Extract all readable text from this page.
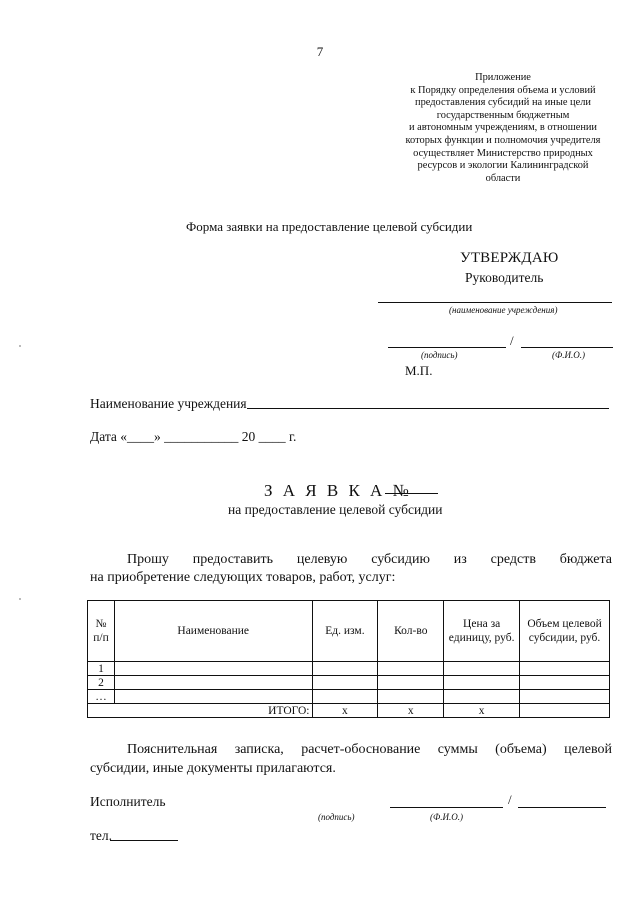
7
Приложение
к Порядку определения объема и условий
предоставления субсидий на иные цели
государственным бюджетным
и автономным учреждениям, в отношении
которых функции и полномочия учредителя
осуществляет Министерство природных
ресурсов и экологии Калининградской
области
Форма заявки на предоставление целевой субсидии
УТВЕРЖДАЮ
Руководитель
(наименование учреждения)
/
(подпись)	(Ф.И.О.)
М.П.
Наименование учреждения
Дата «____» ___________ 20 ____ г.
З А Я В К А №
на предоставление целевой субсидии
Прошу предоставить целевую субсидию из средств бюджета
на приобретение следующих товаров, работ, услуг:
№ п/п	Наименование	Ед. изм.	Кол-во	Цена за единицу, руб.	Объем целевой субсидии, руб.
1					
2					
…					
ИТОГО:		x	x	x	
Пояснительная записка, расчет-обоснование суммы (объема) целевой
субсидии, иные документы прилагаются.
Исполнитель	/
(подпись)	(Ф.И.О.)
тел.
